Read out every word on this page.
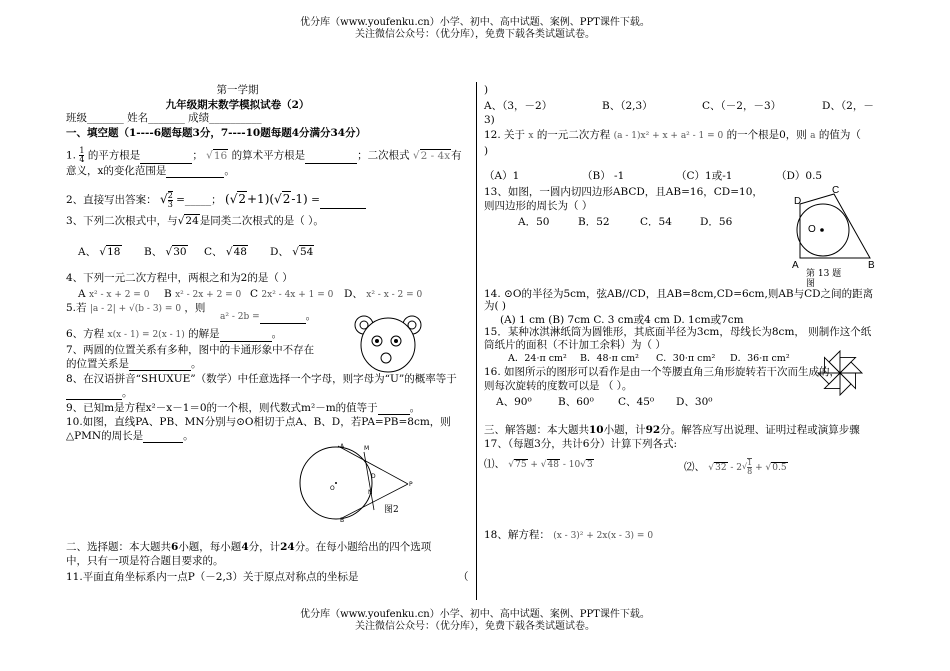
优分库（www.youfenku.cn）小学、初中、高中试题、案例、PPT课件下载。
关注微信公众号：（优分库），免费下载各类试题试卷。
第一学期
九年级期末数学模拟试卷（2）
班级_______ 姓名_______ 成绩__________
一、填空题（1----6题每题3分，7----10题每题4分满分34分）
1. $\frac{1}{4}$ 的平方根是	； √16 的算术平方根是	；二次根式 √2 - 4x有
意义，x的变化范围是	。
2、直接写出答案： √ $\frac{2}{3}$ =_____； (√2+1)(√2-1) =
3、下列二次根式中，与√24是同类二次根式的是（ ）。
A、 √18 B、 √30 C、 √48 D、 √54
4、下列一元二次方程中，两根之和为2的是（ ）
A x² - x + 2 = 0 B x² - 2x + 2 = 0 C 2x² - 4x + 1 = 0 D、 x² - x - 2 = 0
5.若 |a - 2| + √(b - 3) = 0 ，则
a² - 2b =	。
6、方程 x(x - 1) = 2(x - 1) 的解是	。
7、两圆的位置关系有多种，图中的卡通形象中不存在
的位置关系是	。
8、在汉语拼音“SHUXUE”（数学）中任意选择一个字母，则字母为“U”的概率等于
。
9、已知m是方程x²－x－1＝0的一个根，则代数式m²－m的值等于	。
10.如图，直线PA、PB、MN分别与⊙O相切于点A、B、D，若PA=PB=8cm，则
△PMN的周长是	。
A	M
D
O
N
P
B
图2
二、选择题：本大题共6小题，每小题4分，计24分。在每小题给出的四个选项
中，只有一项是符合题目要求的。
11.平面直角坐标系内一点P（－2,3）关于原点对称点的坐标是	（
)
A、（3，－2）	B、（2,3）	C、（－2，－3）	D、（2，－
3)
12. 关于 x 的一元二次方程 (a - 1)x² + x + a² - 1 = 0 的一个根是0，则 a 的值为（
)
（A）1	（B） -1	（C）1或-1	（D）0.5
13、如图，一圆内切四边形ABCD，且AB=16，CD=10，
则四边形的周长为（ ）
A．50	B．52	C．54	D．56
D
C
O
A	B
第 13 题
图
14. ⊙O的半径为5cm，弦AB//CD，且AB=8cm,CD=6cm,则AB与CD之间的距离
为( )
(A) 1 cm (B) 7cm C. 3 cm或4 cm D. 1cm或7cm
15．某种冰淇淋纸筒为圆锥形，其底面半径为3cm，母线长为8cm， 则制作这个纸
筒纸片的面积（不计加工余料）为（ ）
A．24·π cm² B．48·π cm² C．30·π cm² D．36·π cm²
16. 如图所示的图形可以看作是由一个等腰直角三角形旋转若干次而生成的，
则每次旋转的度数可以是 （ ）。
A、90⁰	B、60⁰ C、45⁰ D、30⁰
三、解答题：本大题共10小题，计92分。解答应写出说理、证明过程或演算步骤
17、（每题3分，共计6分）计算下列各式:
⑴、 √75 + √48 - 10√3	⑵、 $√32 - 2√ \frac{1}{8} + √0.5$
18、解方程： (x - 3)² + 2x(x - 3) = 0
优分库（www.youfenku.cn）小学、初中、高中试题、案例、PPT课件下载。
关注微信公众号：（优分库），免费下载各类试题试卷。
